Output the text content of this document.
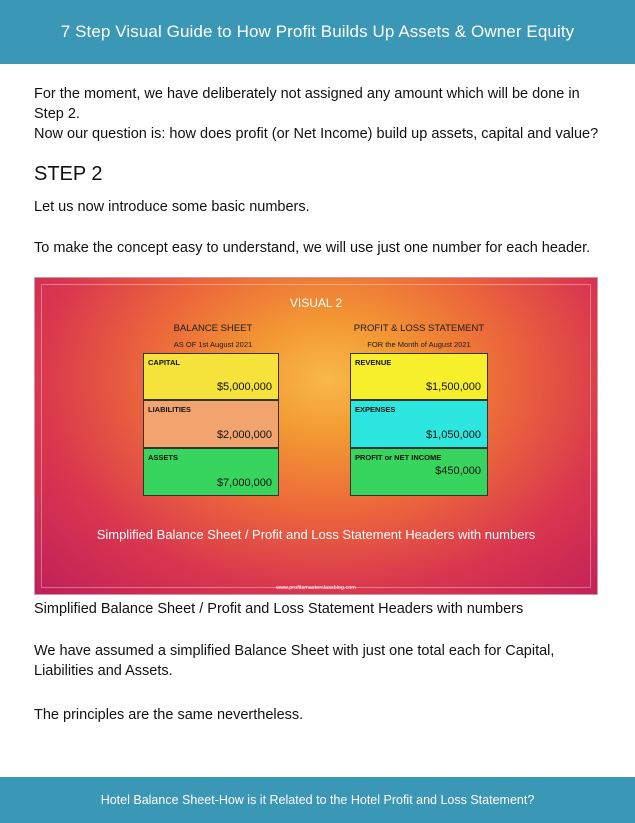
7 Step Visual Guide to How Profit Builds Up Assets & Owner Equity

For the moment, we have deliberately not assigned any amount which will be done in Step 2.

Now our question is: how does profit (or Net Income) build up assets, capital and value?

STEP 2

Let us now introduce some basic numbers.

To make the concept easy to understand, we will use just one number for each header.

VISUAL 2
BALANCE SHEET
AS OF 1st August 2021
CAPITAL
$5,000,000
LIABILITIES
$2,000,000
ASSETS
$7,000,000
PROFIT & LOSS STATEMENT
FOR the Month of August 2021
REVENUE
$1,500,000
EXPENSES
$1,050,000
PROFIT or NET INCOME
$450,000
Simplified Balance Sheet / Profit and Loss Statement Headers with numbers
www.profitsmasterclassblog.com

Simplified Balance Sheet / Profit and Loss Statement Headers with numbers

We have assumed a simplified Balance Sheet with just one total each for Capital, Liabilities and Assets.

The principles are the same nevertheless.

Hotel Balance Sheet-How is it Related to the Hotel Profit and Loss Statement?
